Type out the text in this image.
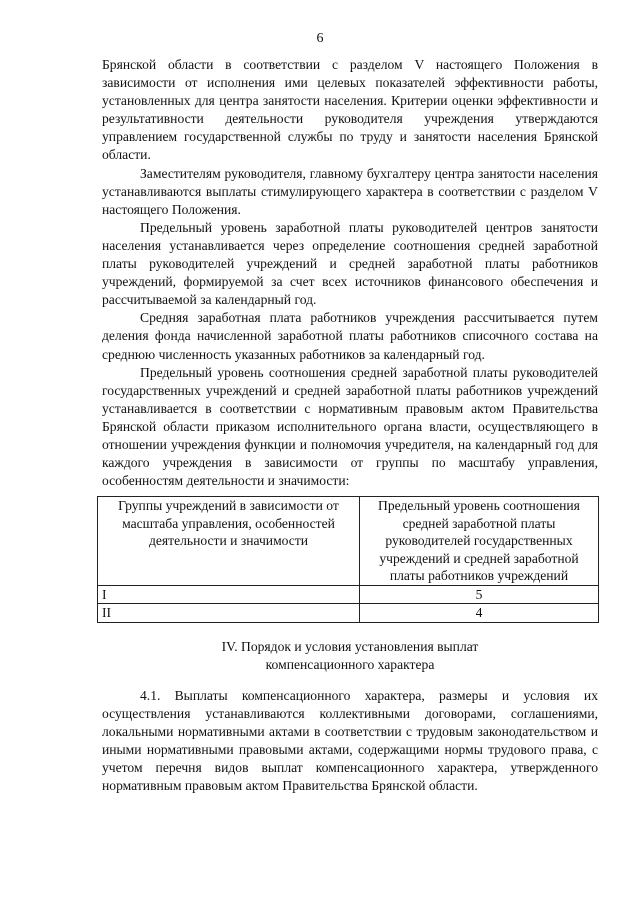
6

Брянской области в соответствии с разделом V настоящего Положения в зависимости от исполнения ими целевых показателей эффективности работы, установленных для центра занятости населения. Критерии оценки эффективности и результативности деятельности руководителя учреждения утверждаются управлением государственной службы по труду и занятости населения Брянской области.

Заместителям руководителя, главному бухгалтеру центра занятости населения устанавливаются выплаты стимулирующего характера в соответствии с разделом V настоящего Положения.

Предельный уровень заработной платы руководителей центров занятости населения устанавливается через определение соотношения средней заработной платы руководителей учреждений и средней заработной платы работников учреждений, формируемой за счет всех источников финансового обеспечения и рассчитываемой за календарный год.

Средняя заработная плата работников учреждения рассчитывается путем деления фонда начисленной заработной платы работников списочного состава на среднюю численность указанных работников за календарный год.

Предельный уровень соотношения средней заработной платы руководителей государственных учреждений и средней заработной платы работников учреждений устанавливается в соответствии с нормативным правовым актом Правительства Брянской области приказом исполнительного органа власти, осуществляющего в отношении учреждения функции и полномочия учредителя, на календарный год для каждого учреждения в зависимости от группы по масштабу управления, особенностям деятельности и значимости:

Группы учреждений в зависимости от масштаба управления, особенностей деятельности и значимости	Предельный уровень соотношения средней заработной платы руководителей государственных учреждений и средней заработной платы работников учреждений
I	5
II	4
IV. Порядок и условия установления выплат
компенсационного характера

4.1. Выплаты компенсационного характера, размеры и условия их осуществления устанавливаются коллективными договорами, соглашениями, локальными нормативными актами в соответствии с трудовым законодательством и иными нормативными правовыми актами, содержащими нормы трудового права, с учетом перечня видов выплат компенсационного характера, утвержденного нормативным правовым актом Правительства Брянской области.
